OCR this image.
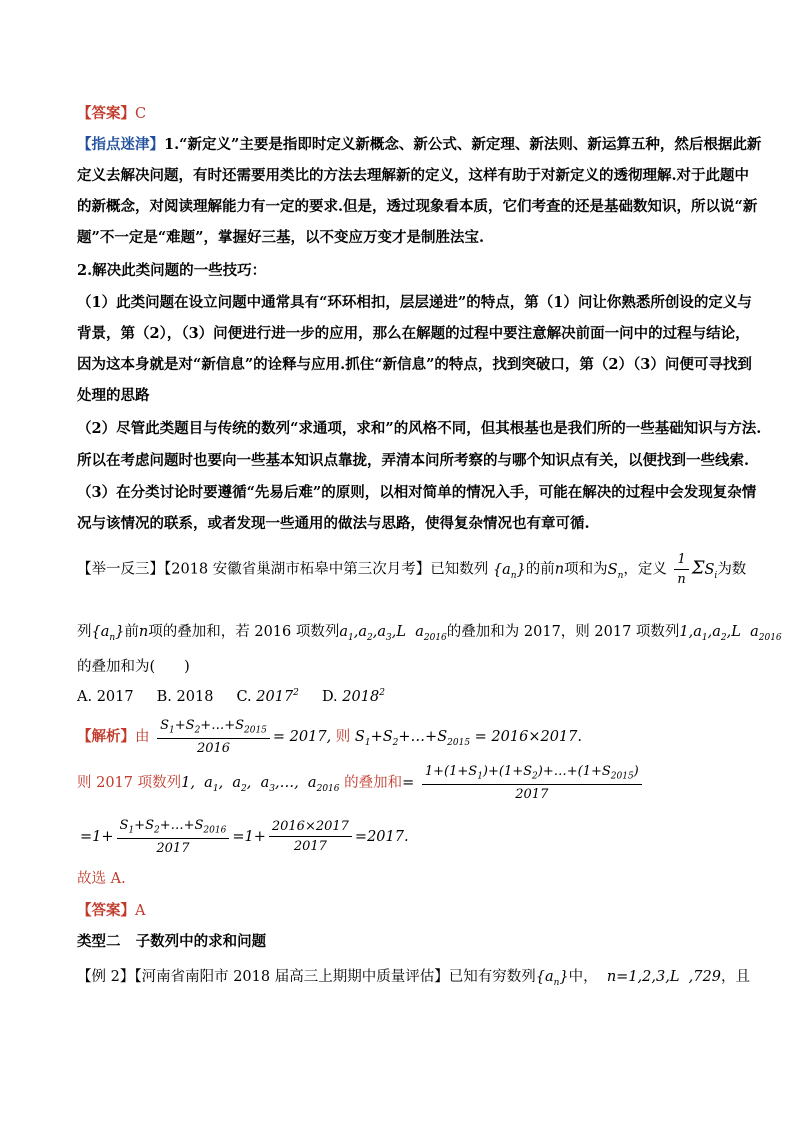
【答案】C
【指点迷津】1.“新定义”主要是指即时定义新概念、新公式、新定理、新法则、新运算五种，然后根据此新
定义去解决问题，有时还需要用类比的方法去理解新的定义，这样有助于对新定义的透彻理解.对于此题中
的新概念，对阅读理解能力有一定的要求.但是，透过现象看本质，它们考查的还是基础数知识，所以说“新
题”不一定是“难题”，掌握好三基，以不变应万变才是制胜法宝.
2.解决此类问题的一些技巧：
（1）此类问题在设立问题中通常具有“环环相扣，层层递进”的特点，第（1）问让你熟悉所创设的定义与
背景，第（2），（3）问便进行进一步的应用，那么在解题的过程中要注意解决前面一问中的过程与结论，
因为这本身就是对“新信息”的诠释与应用.抓住“新信息”的特点，找到突破口，第（2）（3）问便可寻找到
处理的思路
（2）尽管此类题目与传统的数列“求通项，求和”的风格不同，但其根基也是我们所的一些基础知识与方法.
所以在考虑问题时也要向一些基本知识点靠拢，弄清本问所考察的与哪个知识点有关，以便找到一些线索.
（3）在分类讨论时要遵循“先易后难”的原则，以相对简单的情况入手，可能在解决的过程中会发现复杂情
况与该情况的联系，或者发现一些通用的做法与思路，使得复杂情况也有章可循.
【举一反三】【2018 安徽省巢湖市柘皋中第三次月考】已知数列 $\{a_n\}$的前n项和为$S_n$，定义 $\frac{1}{n} \Sigma S_i$为数
列$\{a_n\}$前n项的叠加和，若 2016 项数列$a_1,a_2,a_3,L$  $a_{2016}$的叠加和为 2017，则 2017 项数列$1,a_1,a_2,L$  $a_{2016}$
的叠加和为(　　)
A. 2017 B. 2018 C. 2017$^2$ D. 2018$^2$
【解析】由 $\frac{S_1+S_2+\dots+S_{2015}}{2016} = 2017$, 则 $S_1+S_2+\dots+S_{2015} = 2016\times 2017$.
则 2017 项数列1,  $a_1$,  $a_2$,  $a_3,\dots$,  $a_{2016}$ 的叠加和= $\frac{1+(1+S_1)+(1+S_2)+\dots+(1+S_{2015})}{2017}$
$=1+ \frac{S_1+S_2+\dots+S_{2016}}{2017} =1+ \frac{2016\times 2017}{2017} =2017$.
故选 A.
【答案】A
类型二 子数列中的求和问题
【例 2】【河南省南阳市 2018 届高三上期期中质量评估】已知有穷数列$\{a_n\}$中， n=1,2,3,L  ,729，且
